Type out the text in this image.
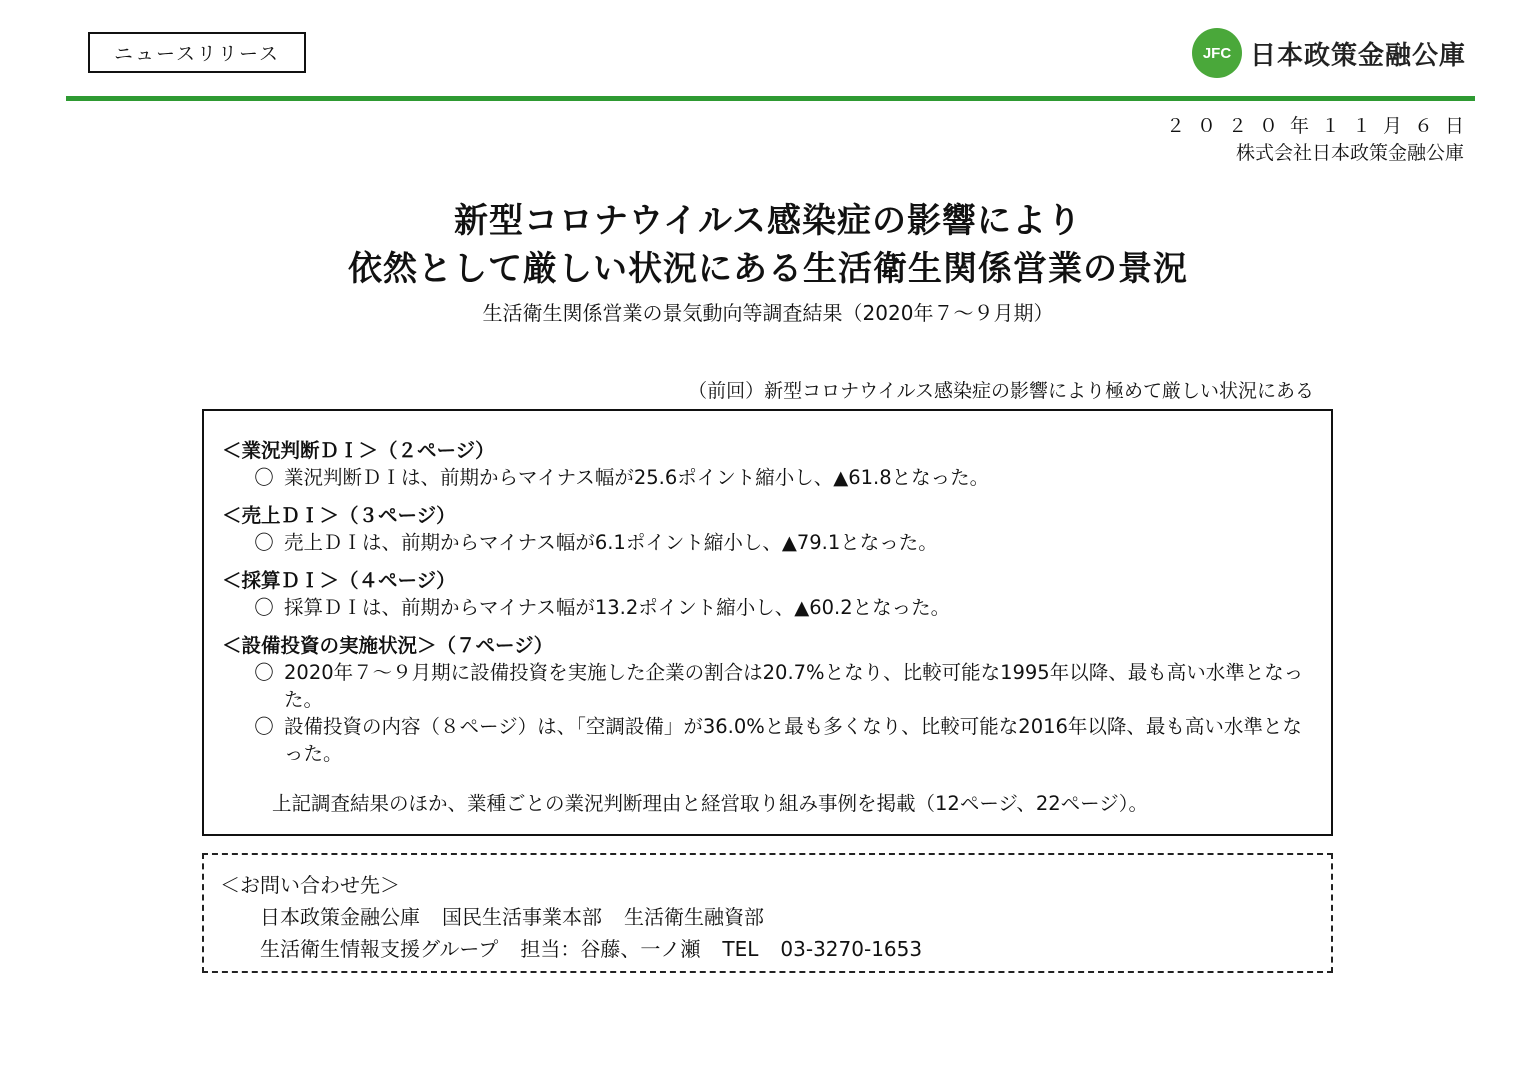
ニュースリリース	JFC 日本政策金融公庫
２０２０年１１月６日
株式会社日本政策金融公庫
新型コロナウイルス感染症の影響により
依然として厳しい状況にある生活衛生関係営業の景況
生活衛生関係営業の景気動向等調査結果（2020年７～９月期）
（前回）新型コロナウイルス感染症の影響により極めて厳しい状況にある
＜業況判断ＤＩ＞（２ページ）
〇 業況判断ＤＩは、前期からマイナス幅が25.6ポイント縮小し、▲61.8となった。
＜売上ＤＩ＞（３ページ）
〇 売上ＤＩは、前期からマイナス幅が6.1ポイント縮小し、▲79.1となった。
＜採算ＤＩ＞（４ページ）
〇 採算ＤＩは、前期からマイナス幅が13.2ポイント縮小し、▲60.2となった。
＜設備投資の実施状況＞（７ページ）
〇 2020年７～９月期に設備投資を実施した企業の割合は20.7%となり、比較可能な1995年以降、最も高い水準となった。
〇 設備投資の内容（８ページ）は、「空調設備」が36.0%と最も多くなり、比較可能な2016年以降、最も高い水準となった。
上記調査結果のほか、業種ごとの業況判断理由と経営取り組み事例を掲載（12ページ、22ページ）。
＜お問い合わせ先＞
日本政策金融公庫 国民生活事業本部 生活衛生融資部
生活衛生情報支援グループ 担当：谷藤、一ノ瀬 TEL 03-3270-1653
